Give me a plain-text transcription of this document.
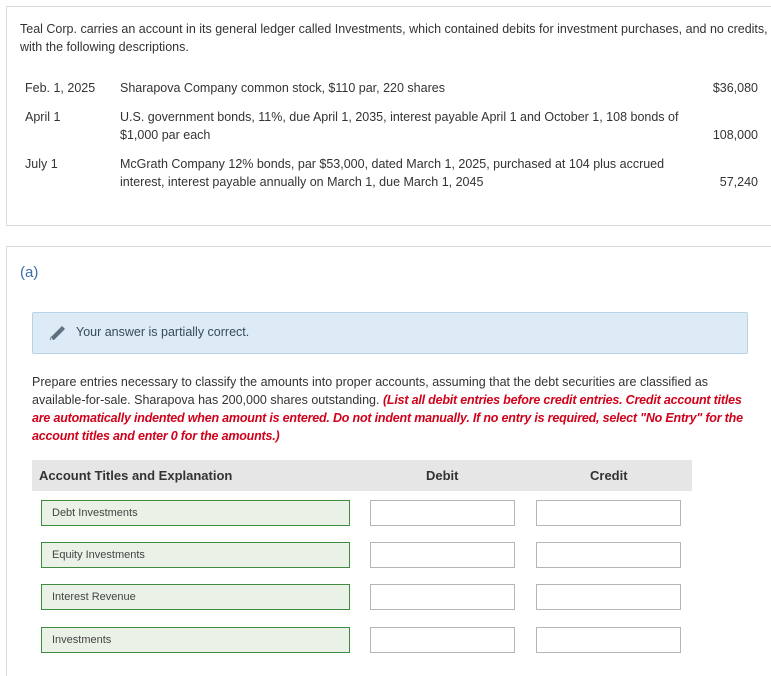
Teal Corp. carries an account in its general ledger called Investments, which contained debits for investment purchases, and no credits, with the following descriptions.
Feb. 1, 2025 Sharapova Company common stock, $110 par, 220 shares	$36,080
April 1	U.S. government bonds, 11%, due April 1, 2035, interest payable April 1 and October 1, 108 bonds of $1,000 par each	108,000
July 1	McGrath Company 12% bonds, par $53,000, dated March 1, 2025, purchased at 104 plus accrued interest, interest payable annually on March 1, due March 1, 2045	57,240
(a)
Your answer is partially correct.
Prepare entries necessary to classify the amounts into proper accounts, assuming that the debt securities are classified as available-for-sale. Sharapova has 200,000 shares outstanding. (List all debit entries before credit entries. Credit account titles are automatically indented when amount is entered. Do not indent manually. If no entry is required, select "No Entry" for the account titles and enter 0 for the amounts.)
Account Titles and Explanation	Debit	Credit
Debt Investments
Equity Investments
Interest Revenue
Investments
